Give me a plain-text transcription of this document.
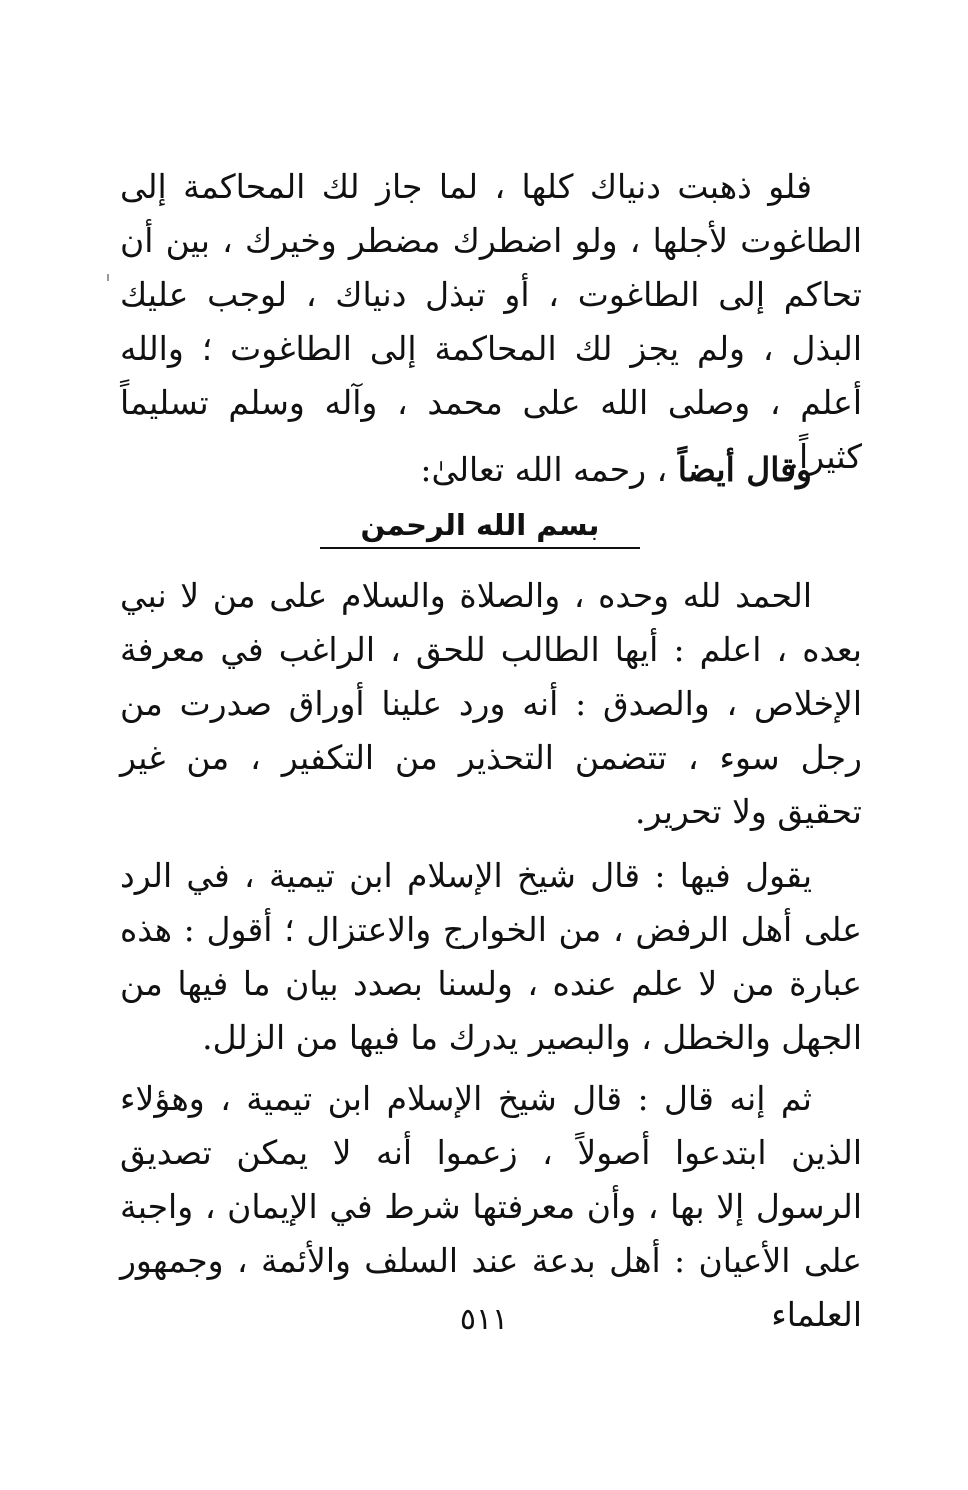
فلو ذهبت دنياك كلها ، لما جاز لك المحاكمة إلى الطاغوت لأجلها ، ولو اضطرك مضطر وخيرك ، بين أن تحاكم إلى الطاغوت ، أو تبذل دنياك ، لوجب عليك البذل ، ولم يجز لك المحاكمة إلى الطاغوت ؛ والله أعلم ، وصلى الله على محمد ، وآله وسلم تسليماً كثيراً.

وقال أيضاً ، رحمه الله تعالىٰ:
بسم الله الرحمن

الحمد لله وحده ، والصلاة والسلام على من لا نبي بعده ، اعلم : أيها الطالب للحق ، الراغب في معرفة الإخلاص ، والصدق : أنه ورد علينا أوراق صدرت من رجل سوء ، تتضمن التحذير من التكفير ، من غير تحقيق ولا تحرير.

يقول فيها : قال شيخ الإسلام ابن تيمية ، في الرد على أهل الرفض ، من الخوارج والاعتزال ؛ أقول : هذه عبارة من لا علم عنده ، ولسنا بصدد بيان ما فيها من الجهل والخطل ، والبصير يدرك ما فيها من الزلل.

ثم إنه قال : قال شيخ الإسلام ابن تيمية ، وهؤلاء الذين ابتدعوا أصولاً ، زعموا أنه لا يمكن تصديق الرسول إلا بها ، وأن معرفتها شرط في الإيمان ، واجبة على الأعيان : أهل بدعة عند السلف والأئمة ، وجمهور العلماء

٥١١
